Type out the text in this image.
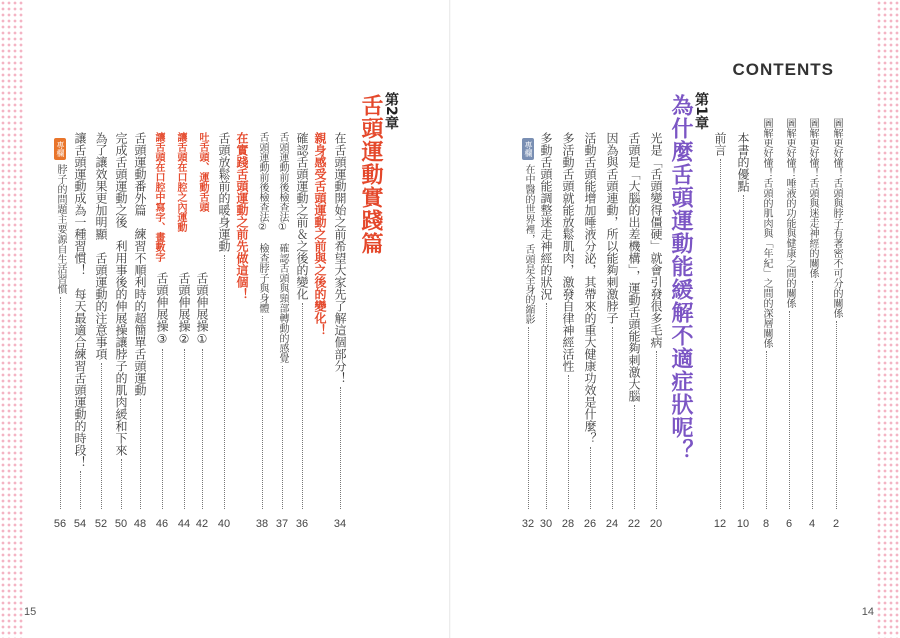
CONTENTS
15	14
圖解更好懂！舌頭與脖子有著密不可分的關係
2
圖解更好懂！舌頭與迷走神經的關係
4
圖解更好懂！唾液的功能與健康之間的關係
6
圖解更好懂！舌頭的肌肉與「年紀」之間的深層關係
8
本書的優點
10
前言
12
第1章
為什麼舌頭運動能緩解不適症狀呢？
光是「舌頭變得僵硬」就會引發很多毛病
20
舌頭是「大腦的出差機構」，運動舌頭能夠刺激大腦
22
因為與舌頭連動，所以能夠刺激脖子
24
活動舌頭能增加唾液分泌，其帶來的重大健康功效是什麼？
26
多活動舌頭就能放鬆肌肉，激發自律神經活性
28
多動舌頭能調整迷走神經的狀況
30
專欄
在中醫的世界裡，舌頭是全身的縮影
32
第2章
舌頭運動實踐篇
在舌頭運動開始之前希望大家先了解這個部分！
34
親身感受舌頭運動之前與之後的變化！
確認舌頭運動之前＆之後的變化
36
舌頭運動前後檢查法①　確認舌頭與頸部轉動的感覺
37
舌頭運動前後檢查法②　檢查脖子與身體
38
在實踐舌頭運動之前先做這個！
舌頭放鬆前的暖身運動
40
舌頭伸展操①
42
吐舌頭、運動舌頭
舌頭伸展操②
44
讓舌頭在口腔之內運動
舌頭伸展操③
46
讓舌頭在口腔中寫字、畫數字
舌頭運動番外篇　練習不順利時的超簡單舌頭運動
48
完成舌頭運動之後　利用事後的伸展操讓脖子的肌肉緩和下來
50
為了讓效果更加明顯　舌頭運動的注意事項
52
讓舌頭運動成為一種習慣！　每天最適合練習舌頭運動的時段！
54
專欄
脖子的問題主要源自生活習慣
56
